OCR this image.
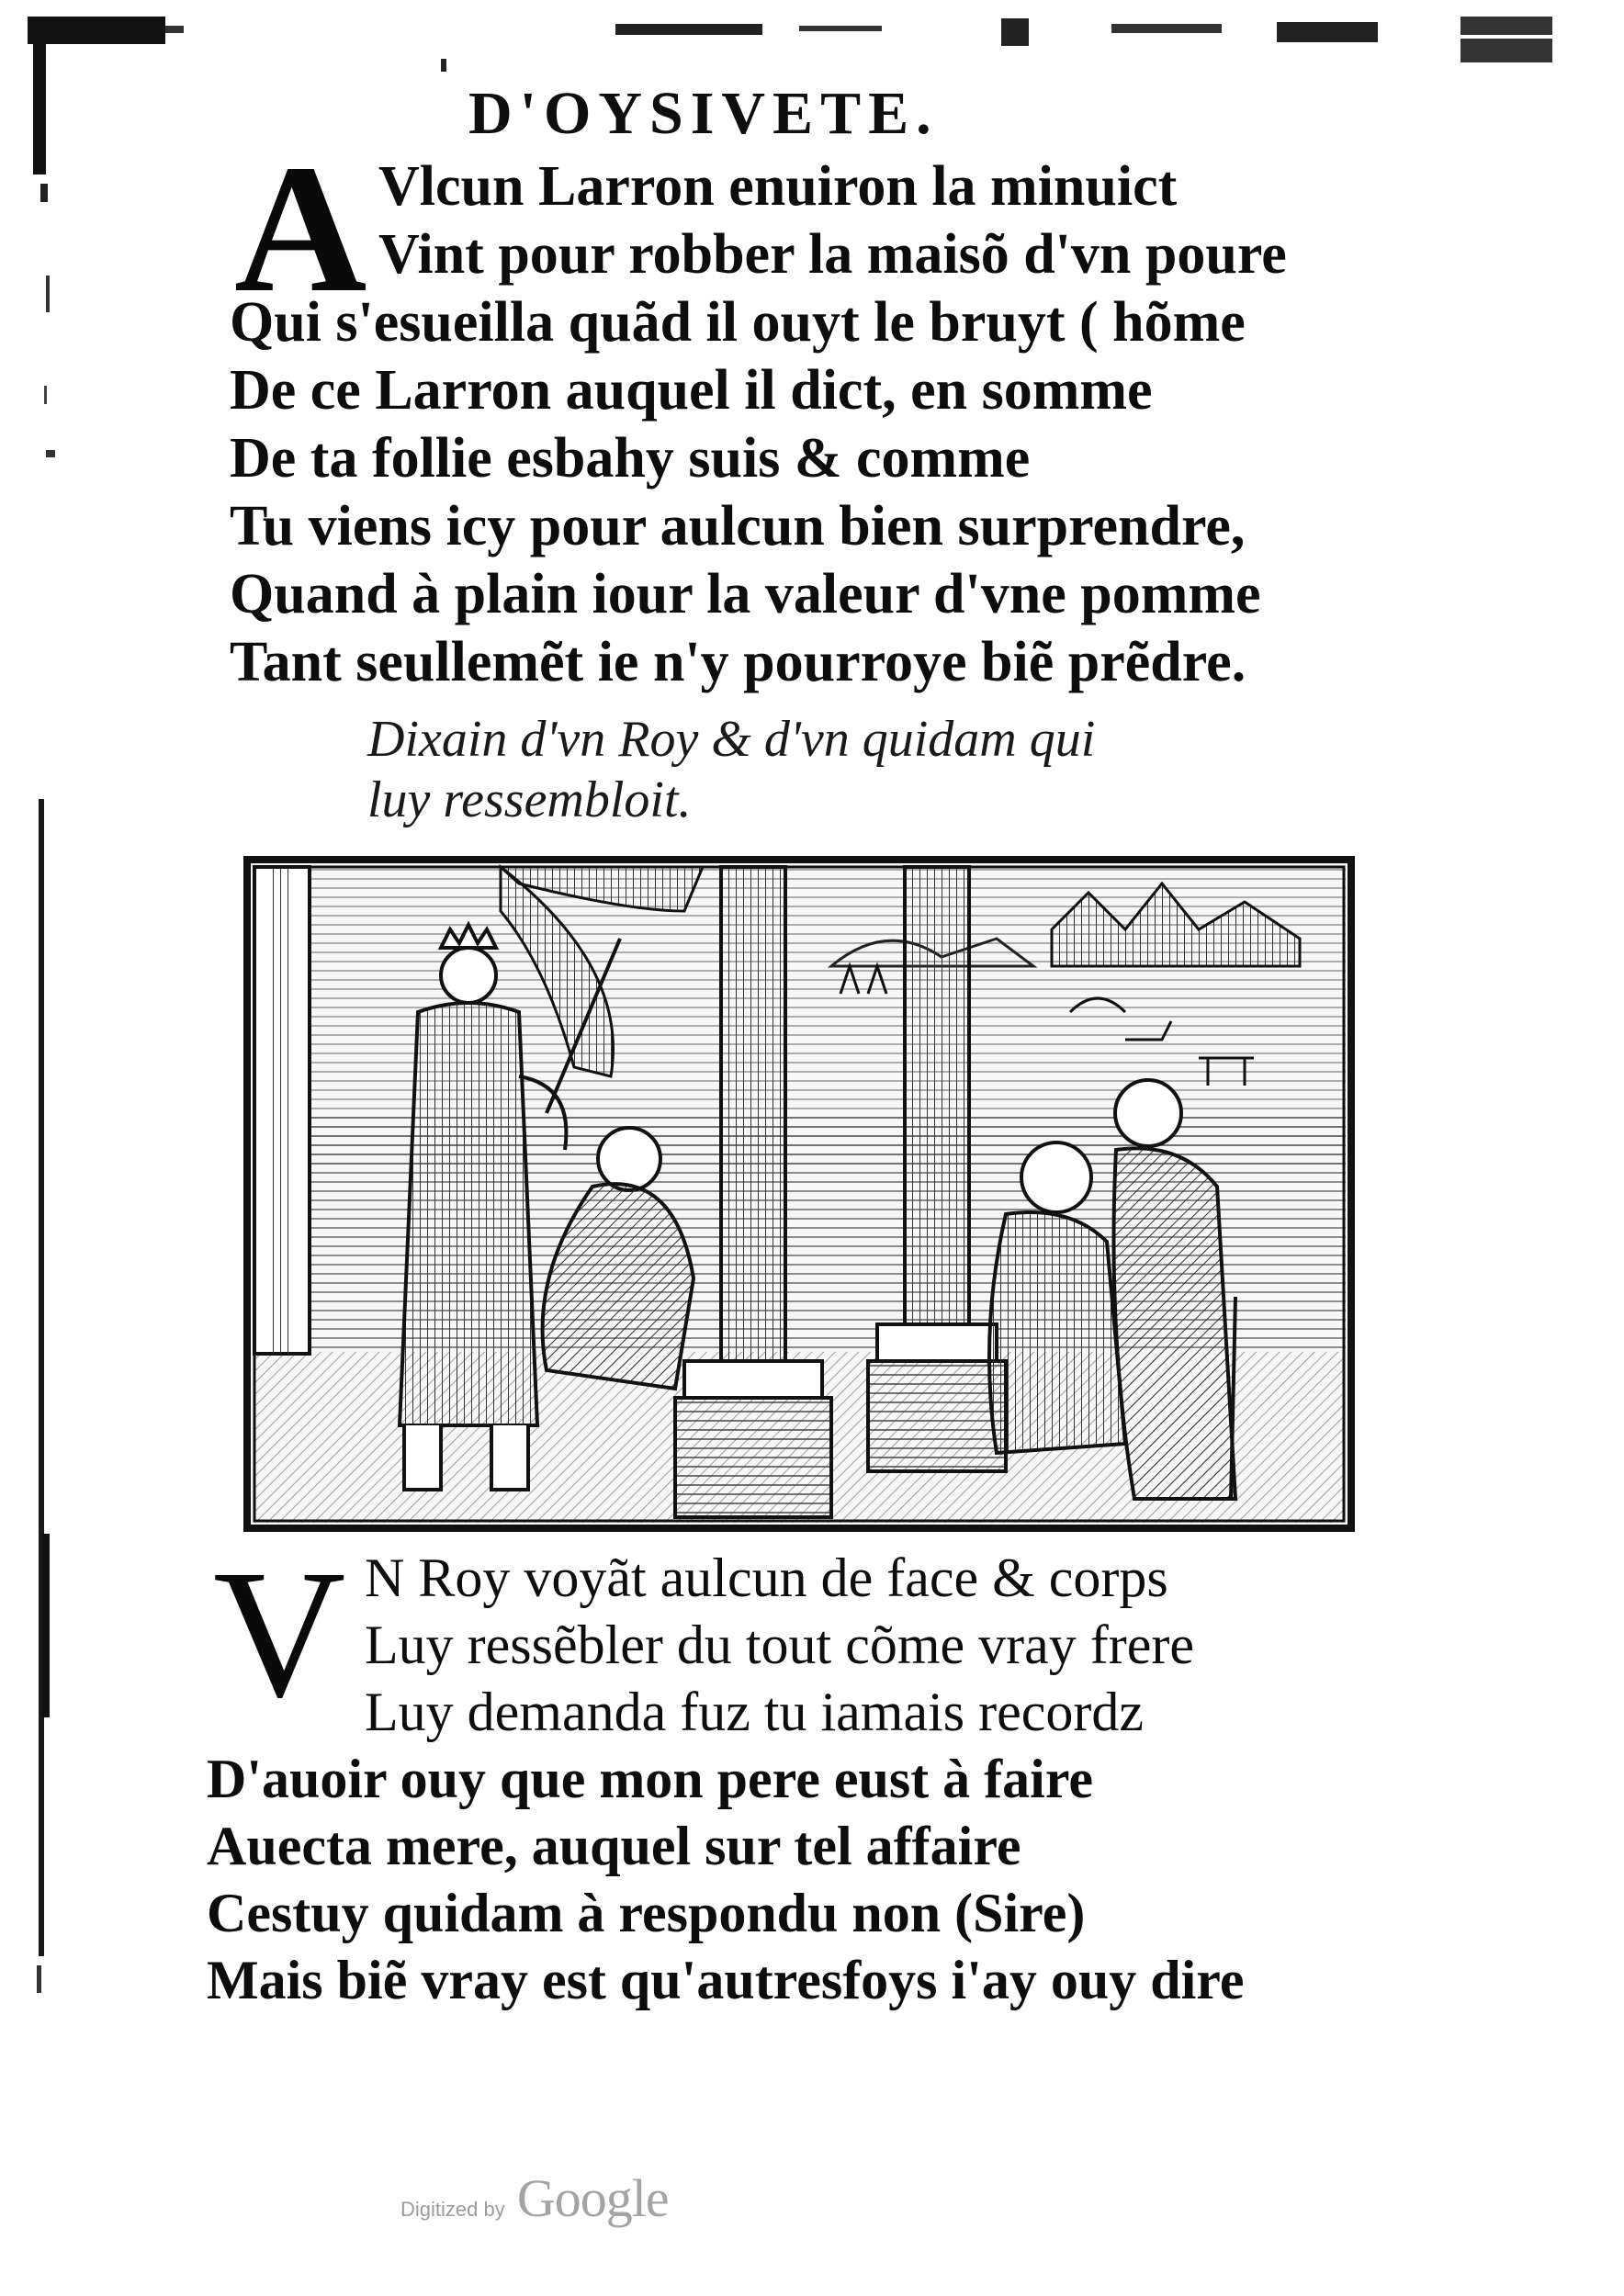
D'OYSIVETE.
A Vlcun Larron enuiron la minuict
Vint pour robber la maisõ d'vn poure
Qui s'esueilla quãd il ouyt le bruyt ( hõme
De ce Larron auquel il dict, en somme
De ta follie esbahy suis & comme
Tu viens icy pour aulcun bien surprendre,
Quand à plain iour la valeur d'vne pomme
Tant seullemẽt ie n'y pourroye biẽ prẽdre.
Dixain d'vn Roy & d'vn quidam qui
luy ressembloit.
V N Roy voyãt aulcun de face & corps
Luy ressẽbler du tout cõme vray frere
Luy demanda fuz tu iamais recordz
D'auoir ouy que mon pere eust à faire
Auecta mere, auquel sur tel affaire
Cestuy quidam à respondu non (Sire)
Mais biẽ vray est qu'autresfoys i'ay ouy dire
Digitized by Google
